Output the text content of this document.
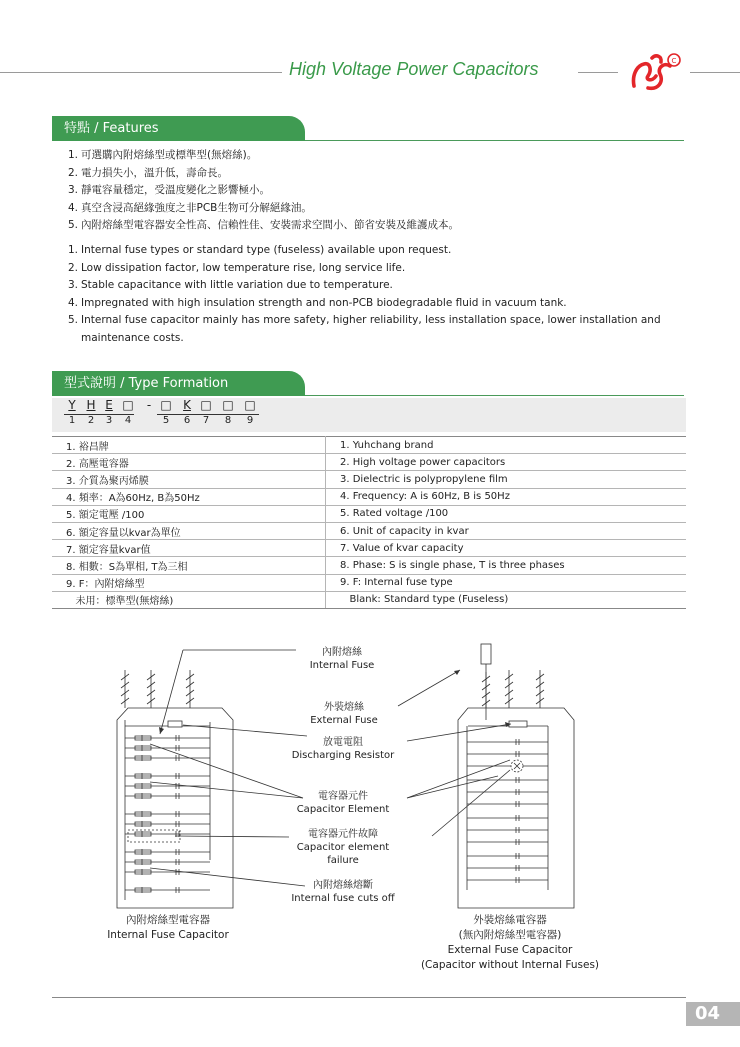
High Voltage Power Capacitors	C
特點 / Features
1. 可選購內附熔絲型或標準型(無熔絲)。
2. 電力損失小，溫升低，壽命長。
3. 靜電容量穩定，受溫度變化之影響極小。
4. 真空含浸高絕緣強度之非PCB生物可分解絕緣油。
5. 內附熔絲型電容器安全性高、信賴性佳、安裝需求空間小、節省安裝及維護成本。
1. Internal fuse types or standard type (fuseless) available upon request.
2. Low dissipation factor, low temperature rise, long service life.
3. Stable capacitance with little variation due to temperature.
4. Impregnated with high insulation strength and non-PCB biodegradable fluid in vacuum tank.
5. Internal fuse capacitor mainly has more safety, higher reliability, less installation space, lower installation and
maintenance costs.
型式說明 / Type Formation
Y H E □	- □ K □ □ □
1 2 3 4	5 6 7 8 9
1. 裕昌牌	1. Yuhchang brand
2. 高壓電容器	2. High voltage power capacitors
3. 介質為聚丙烯膜	3. Dielectric is polypropylene film
4. 頻率：A為60Hz, B為50Hz	4. Frequency: A is 60Hz, B is 50Hz
5. 額定電壓 /100	5. Rated voltage /100
6. 額定容量以kvar為單位	6. Unit of capacity in kvar
7. 額定容量kvar值	7. Value of kvar capacity
8. 相數：S為單相, T為三相	8. Phase: S is single phase, T is three phases
9. F：內附熔絲型	9. F: Internal fuse type
未用：標準型(無熔絲)	Blank: Standard type (Fuseless)
內附熔絲
Internal Fuse
外裝熔絲
External Fuse
放電電阻
Discharging Resistor
電容器元件
Capacitor Element
電容器元件故障
Capacitor element
failure
內附熔絲熔斷
Internal fuse cuts off
內附熔絲型電容器
Internal Fuse Capacitor
外裝熔絲電容器
(無內附熔絲型電容器)
External Fuse Capacitor
(Capacitor without Internal Fuses)
04
